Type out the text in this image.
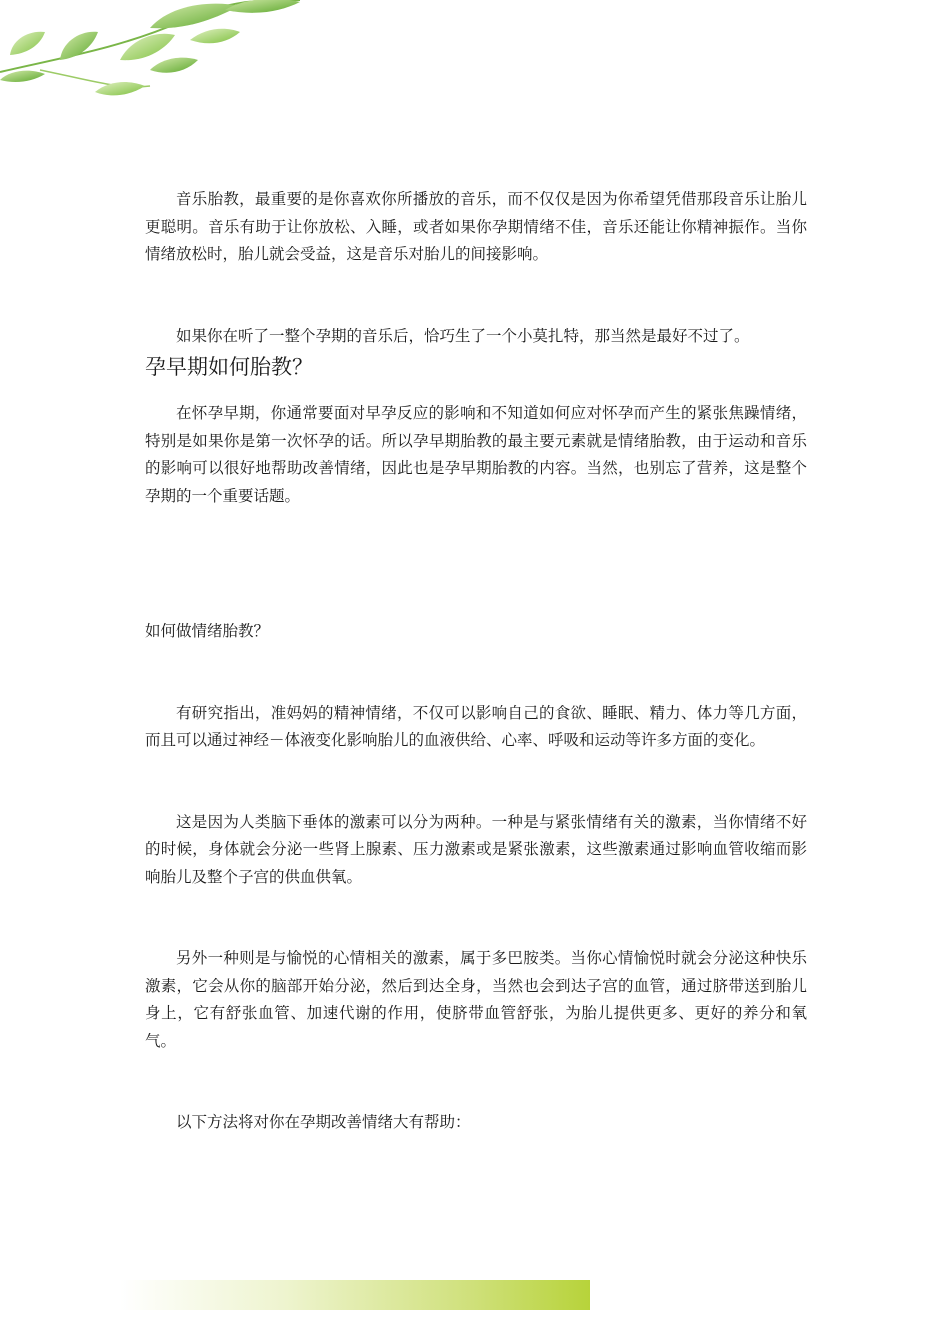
音乐胎教，最重要的是你喜欢你所播放的音乐，而不仅仅是因为你希望凭借那段音乐让胎儿更聪明。音乐有助于让你放松、入睡，或者如果你孕期情绪不佳，音乐还能让你精神振作。当你情绪放松时，胎儿就会受益，这是音乐对胎儿的间接影响。

如果你在听了一整个孕期的音乐后，恰巧生了一个小莫扎特，那当然是最好不过了。

孕早期如何胎教？

在怀孕早期，你通常要面对早孕反应的影响和不知道如何应对怀孕而产生的紧张焦躁情绪，特别是如果你是第一次怀孕的话。所以孕早期胎教的最主要元素就是情绪胎教，由于运动和音乐的影响可以很好地帮助改善情绪，因此也是孕早期胎教的内容。当然，也别忘了营养，这是整个孕期的一个重要话题。

如何做情绪胎教？

有研究指出，准妈妈的精神情绪，不仅可以影响自己的食欲、睡眠、精力、体力等几方面，而且可以通过神经－体液变化影响胎儿的血液供给、心率、呼吸和运动等许多方面的变化。

这是因为人类脑下垂体的激素可以分为两种。一种是与紧张情绪有关的激素，当你情绪不好的时候，身体就会分泌一些肾上腺素、压力激素或是紧张激素，这些激素通过影响血管收缩而影响胎儿及整个子宫的供血供氧。

另外一种则是与愉悦的心情相关的激素，属于多巴胺类。当你心情愉悦时就会分泌这种快乐激素，它会从你的脑部开始分泌，然后到达全身，当然也会到达子宫的血管，通过脐带送到胎儿身上，它有舒张血管、加速代谢的作用，使脐带血管舒张，为胎儿提供更多、更好的养分和氧气。

以下方法将对你在孕期改善情绪大有帮助：
